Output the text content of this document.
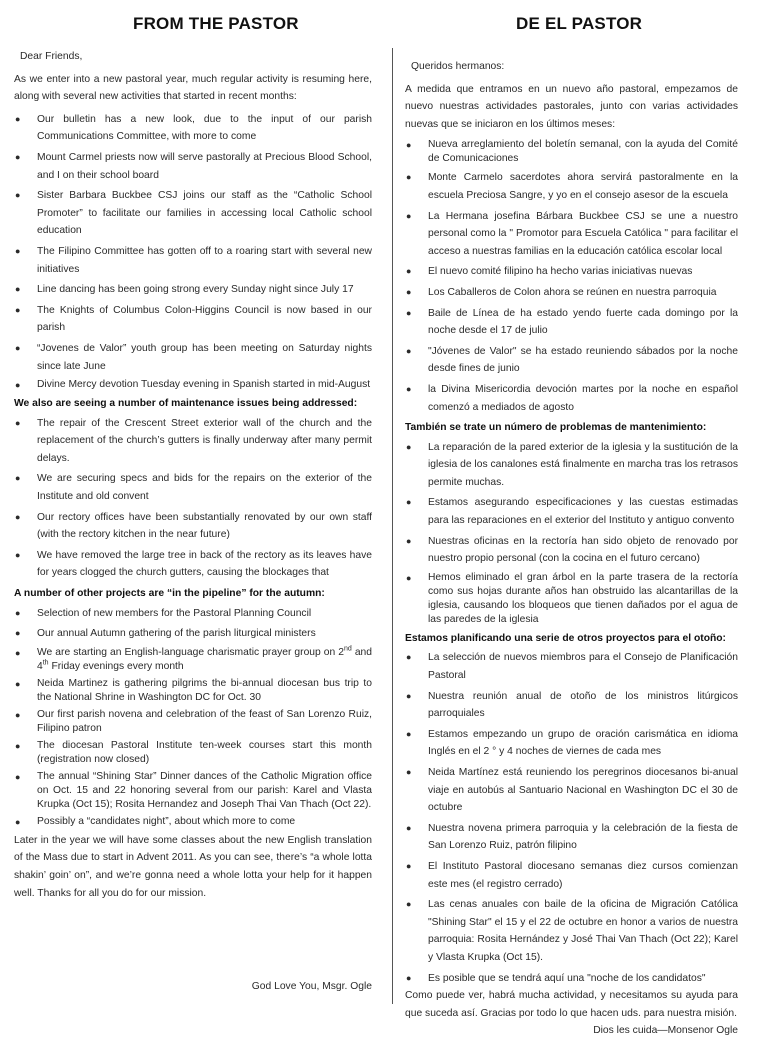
FROM THE PASTOR	DE EL PASTOR
Dear Friends,
As we enter into a new pastoral year, much regular activity is resuming here, along with several new activities that started in recent months:
●	Our bulletin has a new look, due to the input of our parish Communications Committee, with more to come
●	Mount Carmel priests now will serve pastorally at Precious Blood School, and I on their school board
●	Sister Barbara Buckbee CSJ joins our staff as the “Catholic School Promoter” to facilitate our families in accessing local Catholic school education
●	The Filipino Committee has gotten off to a roaring start with several new initiatives
●	Line dancing has been going strong every Sunday night since July 17
●	The Knights of Columbus Colon-Higgins Council is now based in our parish
●	“Jovenes de Valor” youth group has been meeting on Saturday nights since late June
●	Divine Mercy devotion Tuesday evening in Spanish started in mid-August
We also are seeing a number of maintenance issues being addressed:
●	The repair of the Crescent Street exterior wall of the church and the replacement of the church’s gutters is finally underway after many permit delays.
●	We are securing specs and bids for the repairs on the exterior of the Institute and old convent
●	Our rectory offices have been substantially renovated by our own staff (with the rectory kitchen in the near future)
●	We have removed the large tree in back of the rectory as its leaves have for years clogged the church gutters, causing the blockages that
A number of other projects are “in the pipeline” for the autumn:
●	Selection of new members for the Pastoral Planning Council
●	Our annual Autumn gathering of the parish liturgical ministers
●	We are starting an English-language charismatic prayer group on 2nd and 4th Friday evenings every month
●	Neida Martinez is gathering pilgrims the bi-annual diocesan bus trip to the National Shrine in Washington DC for Oct. 30
●	Our first parish novena and celebration of the feast of San Lorenzo Ruiz, Filipino patron
●	The diocesan Pastoral Institute ten-week courses start this month (registration now closed)
●	The annual “Shining Star” Dinner dances of the Catholic Migration office on Oct. 15 and 22 honoring several from our parish: Karel and Vlasta Krupka (Oct 15); Rosita Hernandez and Joseph Thai Van Thach (Oct 22).
●	Possibly a “candidates night”, about which more to come
Later in the year we will have some classes about the new English translation of the Mass due to start in Advent 2011. As you can see, there’s “a whole lotta shakin’ goin’ on”, and we’re gonna need a whole lotta your help for it happen well. Thanks for all you do for our mission.
God Love You, Msgr. Ogle
Queridos hermanos:
A medida que entramos en un nuevo año pastoral, empezamos de nuevo nuestras actividades pastorales, junto con varias actividades nuevas que se iniciaron en los últimos meses:
●	Nueva arreglamiento del boletín semanal, con la ayuda del Comité de Comunicaciones
●	Monte Carmelo sacerdotes ahora servirá pastoralmente en la escuela Preciosa Sangre, y yo en el consejo asesor de la escuela
●	La Hermana josefina Bárbara Buckbee CSJ se une a nuestro personal como la " Promotor para Escuela Católica " para facilitar el acceso a nuestras familias en la educación católica escolar local
●	El nuevo comité filipino ha hecho varias iniciativas nuevas
●	Los Caballeros de Colon ahora se reúnen en nuestra parroquia
●	Baile de Línea de ha estado yendo fuerte cada domingo por la noche desde el 17 de julio
●	"Jóvenes de Valor" se ha estado reuniendo sábados por la noche desde fines de junio
●	la Divina Misericordia devoción martes por la noche en español comenzó a mediados de agosto
También se trate un número de problemas de mantenimiento:
●	La reparación de la pared exterior de la iglesia y la sustitución de la iglesia de los canalones está finalmente en marcha tras los retrasos permite muchas.
●	Estamos asegurando especificaciones y las cuestas estimadas para las reparaciones en el exterior del Instituto y antiguo convento
●	Nuestras oficinas en la rectoría han sido objeto de renovado por nuestro propio personal (con la cocina en el futuro cercano)
●	Hemos eliminado el gran árbol en la parte trasera de la rectoría como sus hojas durante años han obstruido las alcantarillas de la iglesia, causando los bloqueos que tienen dañados por el agua de las paredes de la iglesia
Estamos planificando una serie de otros proyectos para el otoño:
●	La selección de nuevos miembros para el Consejo de Planificación Pastoral
●	Nuestra reunión anual de otoño de los ministros litúrgicos parroquiales
●	Estamos empezando un grupo de oración carismática en idioma Inglés en el 2 ° y 4 noches de viernes de cada mes
●	Neida Martínez está reuniendo los peregrinos diocesanos bi-anual viaje en autobús al Santuario Nacional en Washington DC el 30 de octubre
●	Nuestra novena primera parroquia y la celebración de la fiesta de San Lorenzo Ruiz, patrón filipino
●	El Instituto Pastoral diocesano semanas diez cursos comienzan este mes (el registro cerrado)
●	Las cenas anuales con baile de la oficina de Migración Católica "Shining Star" el 15 y el 22 de octubre en honor a varios de nuestra parroquia: Rosita Hernández y José Thai Van Thach (Oct 22); Karel y Vlasta Krupka (Oct 15).
●	Es posible que se tendrá aquí una "noche de los candidatos"
Como puede ver, habrá mucha actividad, y necesitamos su ayuda para que suceda así. Gracias por todo lo que hacen uds. para nuestra misión.
Dios les cuida—Monsenor Ogle
